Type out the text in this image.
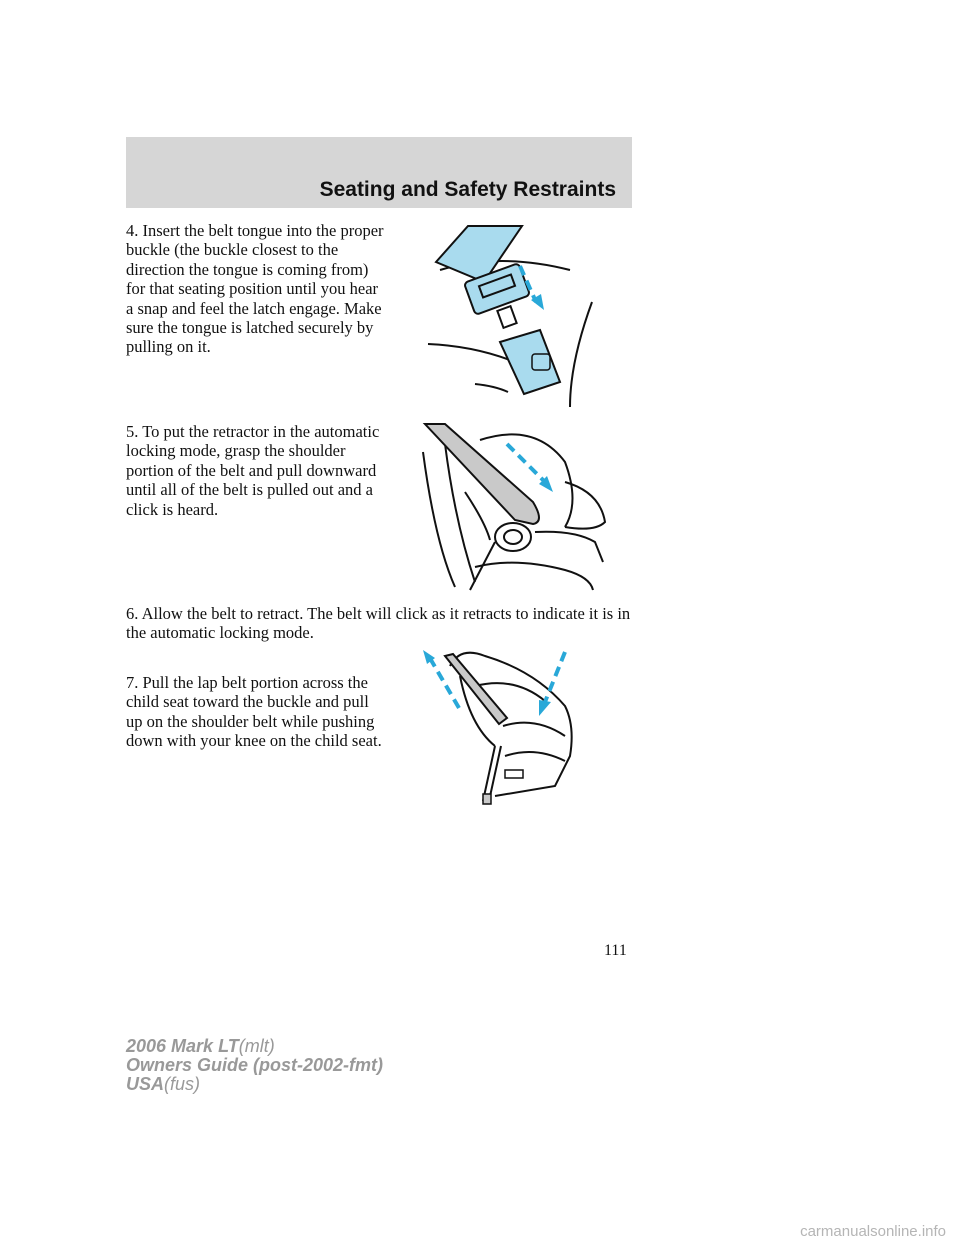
Seating and Safety Restraints

4. Insert the belt tongue into the proper buckle (the buckle closest to the direction the tongue is coming from) for that seating position until you hear a snap and feel the latch engage. Make sure the tongue is latched securely by pulling on it.

5. To put the retractor in the automatic locking mode, grasp the shoulder portion of the belt and pull downward until all of the belt is pulled out and a click is heard.

6. Allow the belt to retract. The belt will click as it retracts to indicate it is in the automatic locking mode.

7. Pull the lap belt portion across the child seat toward the buckle and pull up on the shoulder belt while pushing down with your knee on the child seat.

111
2006 Mark LT(mlt)
Owners Guide (post-2002-fmt)
USA(fus)
carmanualsonline.info
